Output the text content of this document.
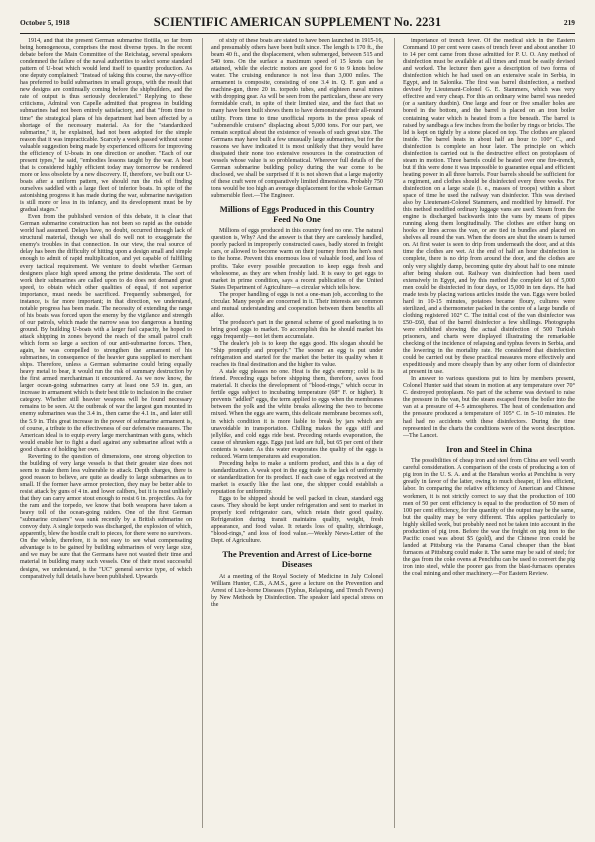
October 5, 1918	SCIENTIFIC AMERICAN SUPPLEMENT No. 2231	219

1914, and that the present German submarine flotilla, so far from being homogeneous, comprises the most diverse types. In the recent debate before the Main Committee of the Reichstag, several speakers condemned the failure of the naval authorities to select some standard pattern of U-boat which would lend itself to quantity production. As one deputy complained: "Instead of taking this course, the navy-office has preferred to build submarines in small groups, with the result that new designs are continually coming before the shipbuilders, and the rate of output is thus seriously decelerated." Replying to these criticisms, Admiral von Capelle admitted that progress in building submarines had not been entirely satisfactory, and that "from time to time" the strategical plans of his department had been affected by a shortage of the necessary material. As for the "standardized submarine," it, he explained, had not been adopted for the simple reason that it was impracticable. Scarcely a week passed without some valuable suggestion being made by experienced officers for improving the efficiency of U-boats in one direction or another. "Each of our present types," he said, "embodies lessons taught by the war. A boat that is considered highly efficient today may tomorrow be rendered more or less obsolete by a new discovery. If, therefore, we built our U-boats after a uniform pattern, we should run the risk of finding ourselves saddled with a large fleet of inferior boats. In spite of the astonishing progress it has made during the war, submarine navigation is still more or less in its infancy, and its development must be by gradual stages."

Even from the published version of this debate, it is clear that German submarine construction has not been so rapid as the outside world had assumed. Delays have, no doubt, occurred through lack of structural material, though we shall do well not to exaggerate the enemy's troubles in that connection. In our view, the real source of delay has been the difficulty of hitting upon a design small and simple enough to admit of rapid multiplication, and yet capable of fulfilling every tactical requirement. We venture to doubt whether German designers place high speed among the prime desiderata. The sort of work their submarines are called upon to do does not demand great speed, to obtain which other qualities of equal, if not superior importance, must needs be sacrificed. Frequently submerged, for instance, is far more important; in that direction, we understand, notable progress has been made. The necessity of extending the range of his boats was forced upon the enemy by the vigilance and strength of our patrols, which made the narrow seas too dangerous a hunting ground. By building U-boats with a larger fuel capacity, he hoped to attack shipping in zones beyond the reach of the small patrol craft which form so large a section of our anti-submarine forces. Then, again, he was compelled to strengthen the armament of his submarines, in consequence of the heavier guns supplied to merchant ships. Therefore, unless a German submarine could bring equally heavy metal to bear, it would run the risk of summary destruction by the first armed merchantman it encountered. As we now know, the larger ocean-going submarines carry at least one 5.9 in. gun, an increase in armament which is their best title to inclusion in the cruiser category. Whether still heavier weapons will be found necessary remains to be seen. At the outbreak of war the largest gun mounted in enemy submarines was the 3.4 in., then came the 4.1 in., and later still the 5.9 in. This great increase in the power of submarine armament is, of course, a tribute to the effectiveness of our defensive measures. The American ideal is to equip every large merchantman with guns, which would enable her to fight a duel against any submarine afloat with a good chance of holding her own.

Reverting to the question of dimensions, one strong objection to the building of very large vessels is that their greater size does not seem to make them less vulnerable to attack. Depth charges, there is good reason to believe, are quite as deadly to large submarines as to small. If the former have armor protection, they may be better able to resist attack by guns of 4 in. and lower calibers, but it is most unlikely that they can carry armor stout enough to resist 6 in. projectiles. As for the ram and the torpedo, we know that both weapons have taken a heavy toll of the ocean-going raiders. One of the first German "submarine cruisers" was sunk recently by a British submarine on convoy duty. A single torpedo was discharged, the explosion of which, apparently, blew the hostile craft to pieces, for there were no survivors. On the whole, therefore, it is not easy to see what compensating advantage is to be gained by building submarines of very large size, and we may be sure that the Germans have not wasted their time and material in building many such vessels. One of their most successful designs, we understand, is the "UC" general service type, of which comparatively full details have been published. Upwards

of sixty of these boats are stated to have been launched in 1915-16, and presumably others have been built since. The length is 170 ft., the beam 40 ft., and the displacement, when submerged, between 515 and 540 tons. On the surface a maximum speed of 15 knots can be attained, while the electric motors are good for 6 to 9 knots below water. The cruising endurance is not less than 3,000 miles. The armament is composite, consisting of one 3.4 in. Q. F. gun and a machine-gun, three 20 in. torpedo tubes, and eighteen naval mines with dropping gear. As will be seen from the particulars, these are very formidable craft, in spite of their limited size, and the fact that so many have been built shows them to have demonstrated their all-round utility. From time to time unofficial reports in the press speak of "submersible cruisers" displacing about 5,000 tons. For our part, we remain sceptical about the existence of vessels of such great size. The Germans may have built a few unusually large submarines, but for the reasons we have indicated it is most unlikely that they would have dissipated their none too extensive resources in the construction of vessels whose value is so problematical. Wherever full details of the German submarine building policy during the war come to be disclosed, we shall be surprised if it is not shown that a large majority of these craft were of comparatively limited dimensions. Probably 750 tons would be too high an average displacement for the whole German submersible fleet.—The Engineer.

Millions of Eggs Produced in this Country Feed No One

Millions of eggs produced in this country feed no one. The natural question is, Why? And the answer is that they are carelessly handled, poorly packed in improperly constructed cases, badly stored in freight cars, or allowed to become warm on their journey from the hen's nest to the home. Prevent this enormous loss of valuable food, and loss of profits. Take every possible precaution to keep eggs fresh and wholesome, as they are when freshly laid. It is easy to get eggs to market in prime condition, says a recent publication of the United States Department of Agriculture—a circular which tells how.

The proper handling of eggs is not a one-man job, according to the circular. Many people are concerned in it. Their interests are common and mutual understanding and cooperation between them benefits all alike.

The producer's part in the general scheme of good marketing is to bring good eggs to market. To accomplish this he should market his eggs frequently—not let them accumulate.

The dealer's job is to keep the eggs good. His slogan should be "Ship promptly and properly." The sooner an egg is put under refrigeration and started for the market the better its quality when it reaches its final destination and the higher its value.

A stale egg pleases no one. Heat is the egg's enemy; cold is its friend. Preceding eggs before shipping them, therefore, saves food material. It checks the development of "blood-rings," which occur in fertile eggs subject to incubating temperature (68° F. or higher). It prevents "addled" eggs, the term applied to eggs when the membranes between the yolk and the white breaks allowing the two to become mixed. When the eggs are warm, this delicate membrane becomes soft, in which condition it is more liable to break by jars which are unavoidable in transportation. Chilling makes the eggs stiff and jellylike, and cold eggs ride best. Preceding retards evaporation, the cause of shrunken eggs. Eggs just laid are full, but 65 per cent of their contents is water. As this water evaporates the quality of the eggs is reduced. Warm temperatures aid evaporation.

Preceding helps to make a uniform product, and this is a day of standardization. A weak spot in the egg trade is the lack of uniformity or standardization for its product. If each case of eggs received at the market is exactly like the last one, the shipper could establish a reputation for uniformity.

Eggs to be shipped should be well packed in clean, standard egg cases. They should be kept under refrigeration and sent to market in properly iced refrigerator cars, which retain their good quality. Refrigeration during transit maintains quality, weight, fresh appearance, and food value. It retards loss of quality, shrinkage, "blood-rings," and loss of food value.—Weekly News-Letter of the Dept. of Agriculture.

The Prevention and Arrest of Lice-borne Diseases

At a meeting of the Royal Society of Medicine in July Colonel William Hunter, C.B., A.M.S., gave a lecture on the Prevention and Arrest of Lice-borne Diseases (Typhus, Relapsing, and Trench Fevers) by New Methods by Disinfection. The speaker laid special stress on the

importance of trench fever. Of the medical sick in the Eastern Command 10 per cent were cases of trench fever and about another 10 to 14 per cent came from those admitted for P. U. O. Any method of disinfection must be available at all times and must be easily devised and worked. The lecturer then gave a description of two forms of disinfection which he had used on an extensive scale in Serbia, in Egypt, and in Salonika. The first was barrel disinfection, a method devised by Lieutenant-Colonel G. E. Stammers, which was very effective and very cheap. For this an ordinary wine barrel was needed (or a sanitary dustbin). One large and four or five smaller holes are bored in the bottom, and the barrel is placed on an iron boiler containing water which is heated from a fire beneath. The barrel is raised by sandbags a few inches from the boiler by rings or bricks. The lid is kept on tightly by a stone placed on top. The clothes are placed inside. The barrel heats in about half an hour to 100° C., and disinfection is complete an hour later. The principle on which disinfection is carried out is the destructive effect on protoplasm of steam in motion. Three barrels could be heated over one fire-trench, but if this were done it was impossible to guarantee equal and efficient heating power in all three barrels. Four barrels should be sufficient for a regiment, and clothes should be disinfected every three weeks. For disinfection on a large scale (i. e., masses of troops) within a short space of time he used the railway van disinfector. This was devised also by Lieutenant-Colonel Stammers, and modified by himself. For this method modified ordinary luggage vans are used. Steam from the engine is discharged backwards into the vans by means of pipes running along them longitudinally. The clothes are either hung on hooks or lines across the van, or are tied in bundles and placed on shelves all round the van. When the doors are shut the steam is turned on. At first water is seen to drip from underneath the door, and at this time the clothes are wet. At the end of half an hour disinfection is complete, there is no drip from around the door, and the clothes are only very slightly damp, becoming quite dry about half to one minute after being shaken out. Railway van disinfection had been used extensively in Egypt, and by this method the complete kit of 5,000 men could be disinfected in four days, or 15,000 in ten days. He had made tests by placing various articles inside the van. Eggs were boiled hard in 10-15 minutes, potatoes became floury, cultures were sterilized, and a thermometer packed in the centre of a large bundle of clothing registered 102° C. The initial cost of the van disinfector was £50–£60, that of the barrel disinfector a few shillings. Photographs were exhibited showing the actual disinfection of 500 Turkish prisoners, and charts were displayed illustrating the remarkable checking of the incidence of relapsing and typhus fevers in Serbia, and the lowering in the mortality rate. He considered that disinfection could be carried out by these practical measures more effectively and expeditiously and more cheaply than by any other form of disinfector at present in use.

In answer to various questions put to him by members present, Colonel Hunter said that steam in motion at any temperature over 70° C. destroyed protoplasm. No part of the scheme was devised to raise the pressure in the van, but the steam escaped from the boiler into the van at a pressure of 4–5 atmospheres. The heat of condensation and the pressure produced a temperature of 105° C. in 5–10 minutes. He had had no accidents with these disinfectors. During the time represented in the charts the conditions were of the worst description.—The Lancet.

Iron and Steel in China

The possibilities of cheap iron and steel from China are well worth careful consideration. A comparison of the costs of producing a ton of pig iron in the U. S. A. and at the Hanshun works at Penchihu is very greatly in favor of the latter, owing to much cheaper, if less efficient, labor. In comparing the relative efficiency of American and Chinese workmen, it is not strictly correct to say that the production of 100 men of 50 per cent efficiency is equal to the production of 50 men of 100 per cent efficiency, for the quantity of the output may be the same, but the quality may be very different. This applies particularly to highly skilled work, but probably need not be taken into account in the production of pig iron. Before the war the freight on pig iron to the Pacific coast was about $5 (gold), and the Chinese iron could be landed at Pittsburg via the Panama Canal cheaper than the blast furnaces at Pittsburg could make it. The same may be said of steel; for the gas from the coke ovens at Penchihu can be used to convert the pig iron into steel, while the poorer gas from the blast-furnaces operates the coal mining and other machinery.—For Eastern Review.
